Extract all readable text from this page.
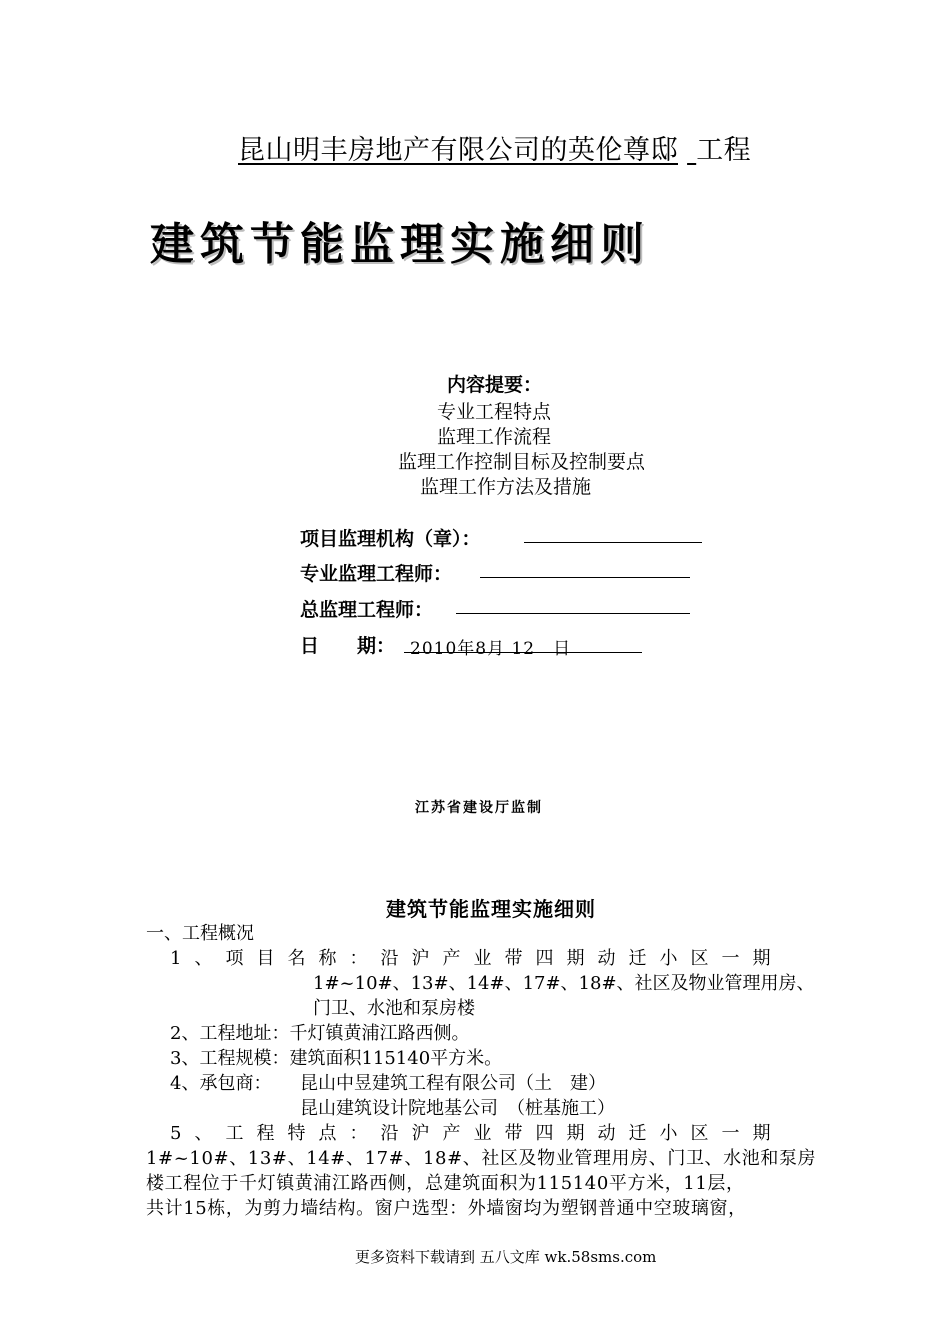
昆山明丰房地产有限公司的英伦尊邸 工程
建筑节能监理实施细则
内容提要：
专业工程特点
监理工作流程
监理工作控制目标及控制要点
监理工作方法及措施
项目监理机构（章）：
专业监理工程师：
总监理工程师：
日　　期： 2010年8月 12　日
江苏省建设厅监制
建筑节能监理实施细则
一、工程概况
1、项目名称：沿沪产业带四期动迁小区一期
1#~10#、13#、14#、17#、18#、社区及物业管理用房、
门卫、水池和泵房楼
2、工程地址：千灯镇黄浦江路西侧。
3、工程规模：建筑面积115140平方米。
4、承包商： 昆山中昱建筑工程有限公司（土　建）
昆山建筑设计院地基公司　（桩基施工）
5、工程特点：沿沪产业带四期动迁小区一期
1#~10#、13#、14#、17#、18#、社区及物业管理用房、门卫、水池和泵房
楼工程位于千灯镇黄浦江路西侧，总建筑面积为115140平方米，11层，
共计15栋，为剪力墙结构。窗户选型：外墙窗均为塑钢普通中空玻璃窗，
更多资料下载请到 五八文库 wk.58sms.com
